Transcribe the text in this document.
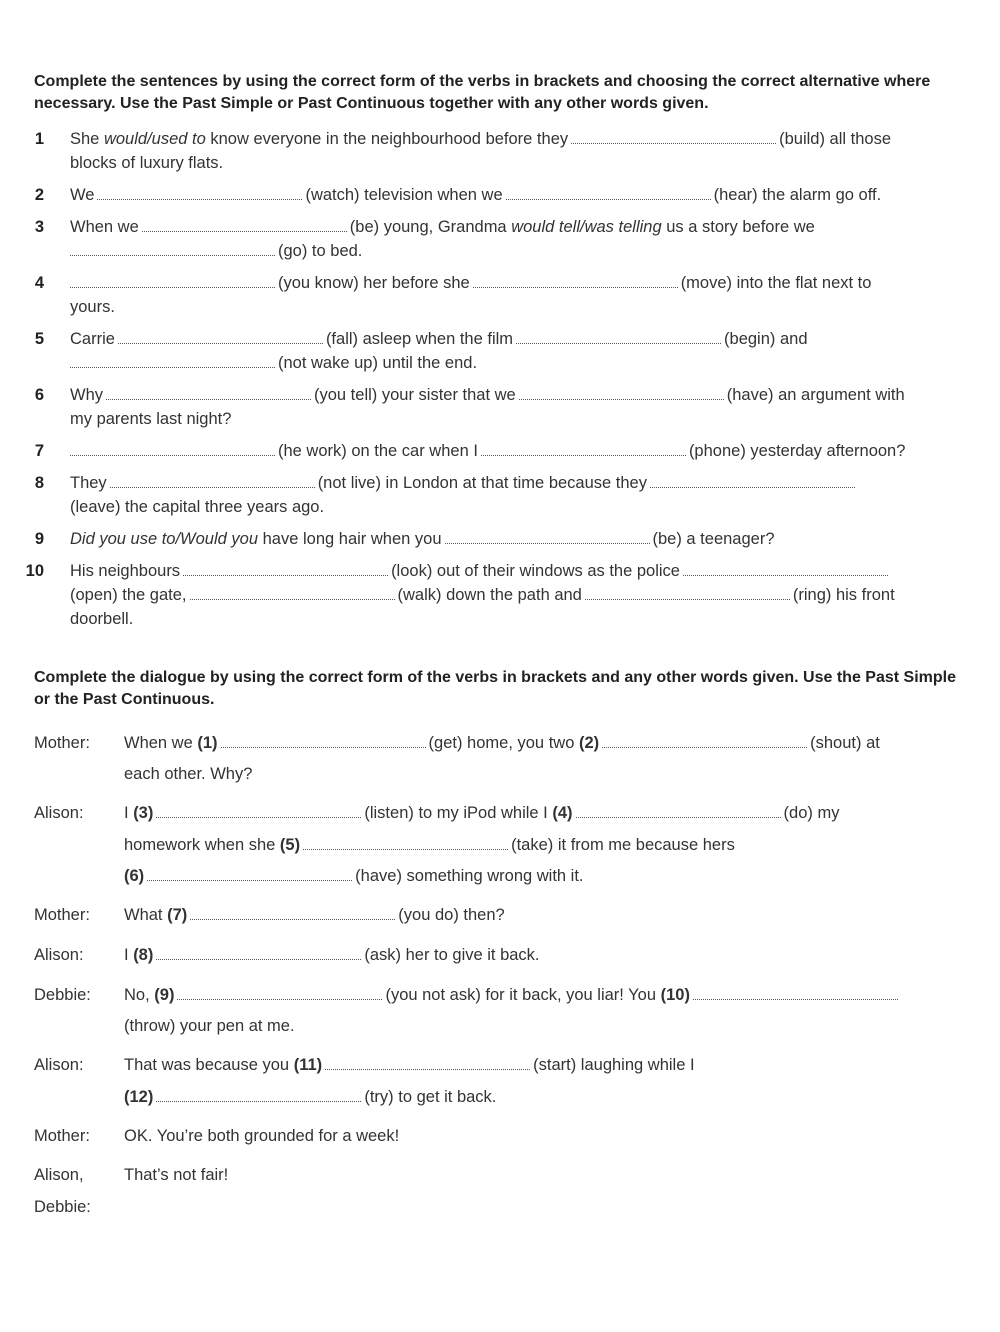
Complete the sentences by using the correct form of the verbs in brackets and choosing the correct alternative where necessary. Use the Past Simple or Past Continuous together with any other words given.

1 She would/used to know everyone in the neighbourhood before they	(build) all those
blocks of luxury flats.
2 We	(watch) television when we	(hear) the alarm go off.
3 When we	(be) young, Grandma would tell/was telling us a story before we
(go) to bed.
4	(you know) her before she	(move) into the flat next to
yours.
5 Carrie	(fall) asleep when the film	(begin) and
(not wake up) until the end.
6 Why	(you tell) your sister that we	(have) an argument with
my parents last night?
7	(he work) on the car when I	(phone) yesterday afternoon?
8 They	(not live) in London at that time because they
(leave) the capital three years ago.
9 Did you use to/Would you have long hair when you	(be) a teenager?
10 His neighbours	(look) out of their windows as the police
(open) the gate,	(walk) down the path and	(ring) his front
doorbell.

Complete the dialogue by using the correct form of the verbs in brackets and any other words given. Use the Past Simple or the Past Continuous.

Mother: When we (1)	(get) home, you two (2)	(shout) at
each other. Why?
Alison: I (3)	(listen) to my iPod while I (4)	(do) my
homework when she (5)	(take) it from me because hers
(6)	(have) something wrong with it.
Mother: What (7)	(you do) then?
Alison: I (8)	(ask) her to give it back.
Debbie: No, (9)	(you not ask) for it back, you liar! You (10)
(throw) your pen at me.
Alison: That was because you (11)	(start) laughing while I
(12)	(try) to get it back.
Mother: OK. You’re both grounded for a week!
Alison,
Debbie:
That’s not fair!
